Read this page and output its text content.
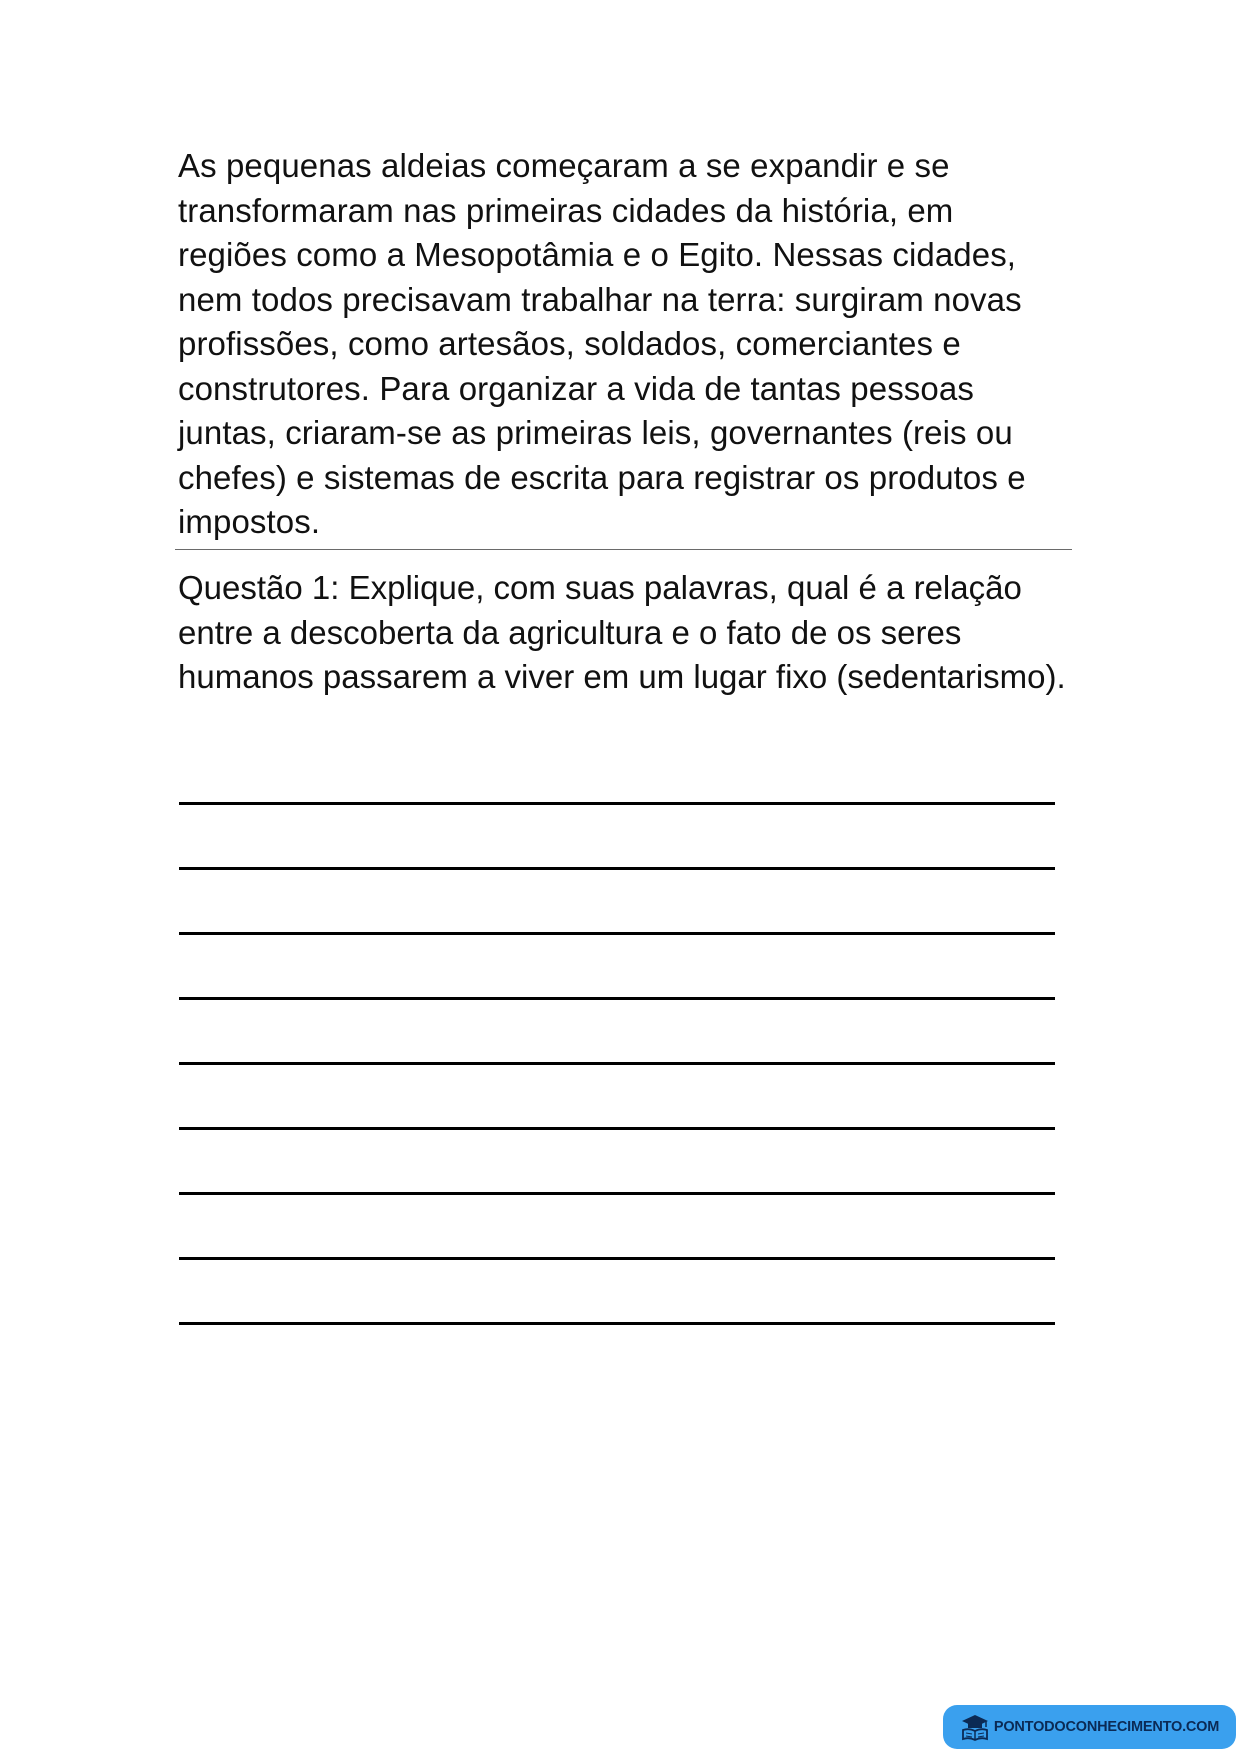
As pequenas aldeias começaram a se expandir e se transformaram nas primeiras cidades da história, em regiões como a Mesopotâmia e o Egito. Nessas cidades, nem todos precisavam trabalhar na terra: surgiram novas profissões, como artesãos, soldados, comerciantes e construtores. Para organizar a vida de tantas pessoas juntas, criaram-se as primeiras leis, governantes (reis ou chefes) e sistemas de escrita para registrar os produtos e impostos.

Questão 1: Explique, com suas palavras, qual é a relação entre a descoberta da agricultura e o fato de os seres humanos passarem a viver em um lugar fixo (sedentarismo).

PONTODOCONHECIMENTO.COM
